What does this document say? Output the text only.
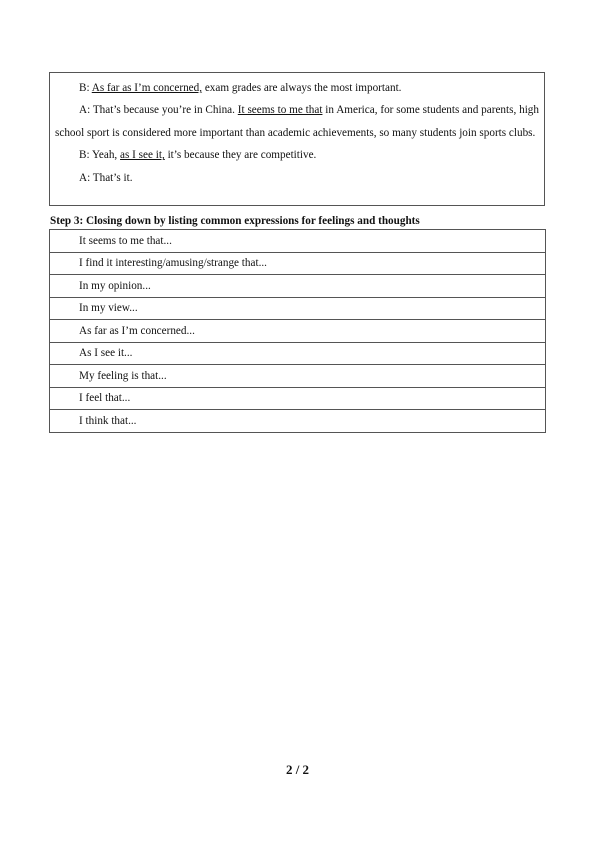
B: As far as I’m concerned, exam grades are always the most important.

A: That’s because you’re in China. It seems to me that in America, for some students and parents, high school sport is considered more important than academic achievements, so many students join sports clubs.

B: Yeah, as I see it, it’s because they are competitive.

A: That’s it.

Step 3: Closing down by listing common expressions for feelings and thoughts
It seems to me that...
I find it interesting/amusing/strange that...
In my opinion...
In my view...
As far as I’m concerned...
As I see it...
My feeling is that...
I feel that...
I think that...
2 / 2
